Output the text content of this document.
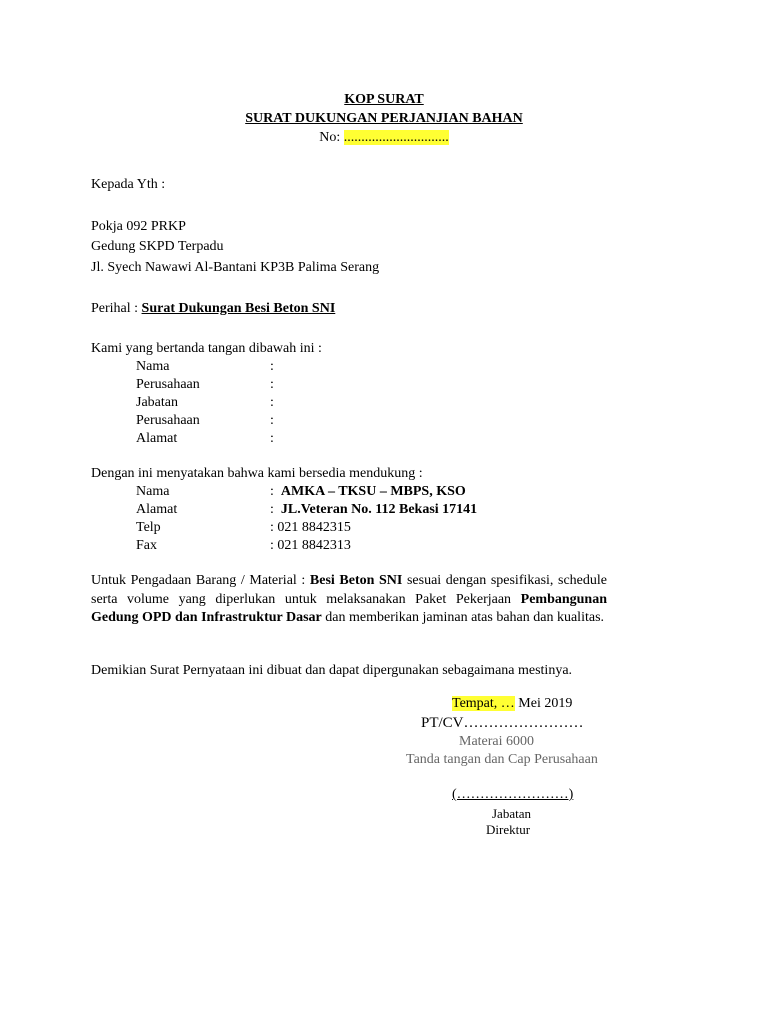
KOP SURAT
SURAT DUKUNGAN PERJANJIAN BAHAN
No: ..............................
Kepada Yth :
Pokja 092 PRKP
Gedung SKPD Terpadu
Jl. Syech Nawawi Al-Bantani KP3B Palima Serang
Perihal : Surat Dukungan Besi Beton SNI
Kami yang bertanda tangan dibawah ini :
Nama	:
Perusahaan	:
Jabatan	:
Perusahaan	:
Alamat	:
Dengan ini menyatakan bahwa kami bersedia mendukung :
Nama	:  AMKA – TKSU – MBPS, KSO
Alamat	:  JL.Veteran No. 112 Bekasi 17141
Telp	: 021 8842315
Fax	: 021 8842313
Untuk Pengadaan Barang / Material : Besi Beton SNI sesuai dengan spesifikasi, schedule serta volume yang diperlukan untuk melaksanakan Paket Pekerjaan Pembangunan Gedung OPD dan Infrastruktur Dasar dan memberikan jaminan atas bahan dan kualitas.
Demikian Surat Pernyataan ini dibuat dan dapat dipergunakan sebagaimana mestinya.
Tempat, … Mei 2019
PT/CV……………………
Materai 6000
Tanda tangan dan Cap Perusahaan
(……………………)
Jabatan
Direktur
